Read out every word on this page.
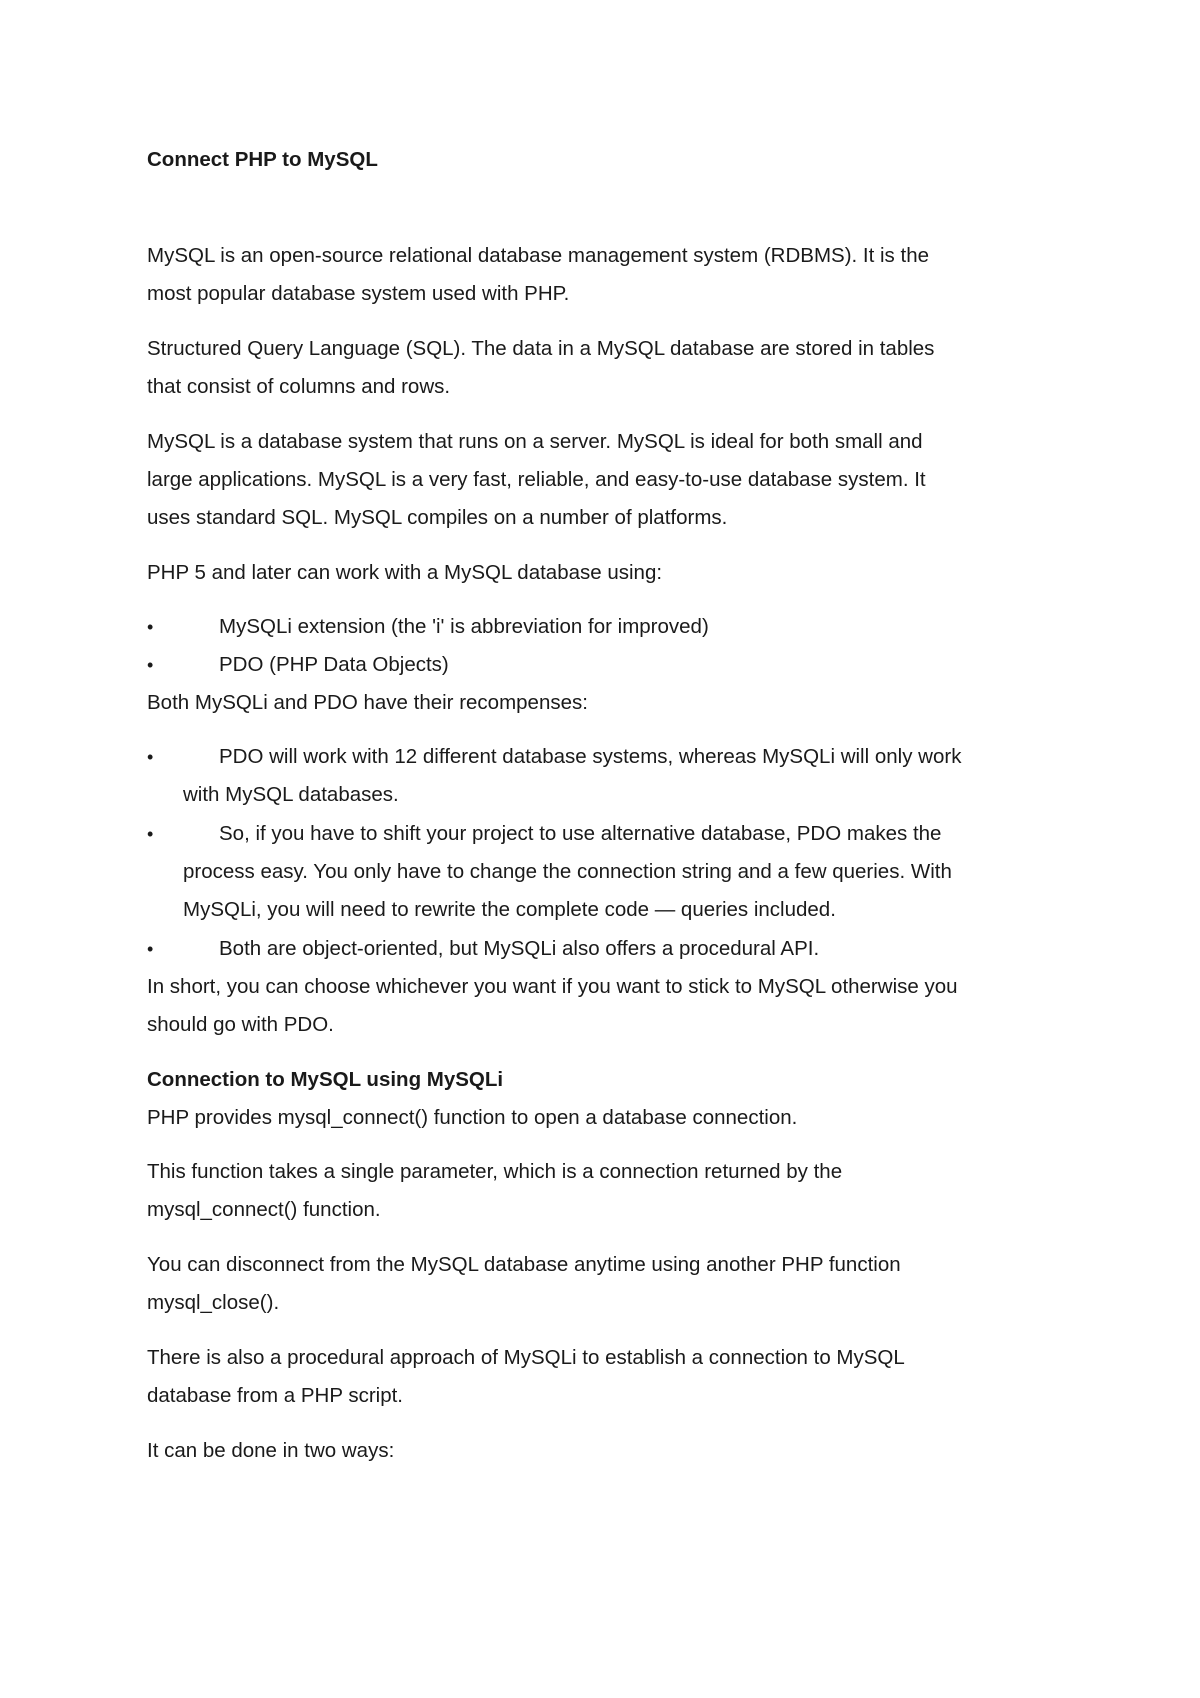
Connect PHP to MySQL
MySQL is an open-source relational database management system (RDBMS). It is the
most popular database system used with PHP.
Structured Query Language (SQL). The data in a MySQL database are stored in tables
that consist of columns and rows.
MySQL is a database system that runs on a server. MySQL is ideal for both small and
large applications. MySQL is a very fast, reliable, and easy-to-use database system. It
uses standard SQL. MySQL compiles on a number of platforms.
PHP 5 and later can work with a MySQL database using:
•	MySQLi extension (the 'i' is abbreviation for improved)
•	PDO (PHP Data Objects)
Both MySQLi and PDO have their recompenses:
•	PDO will work with 12 different database systems, whereas MySQLi will only work
with MySQL databases.
•	So, if you have to shift your project to use alternative database, PDO makes the
process easy. You only have to change the connection string and a few queries. With
MySQLi, you will need to rewrite the complete code — queries included.
•	Both are object-oriented, but MySQLi also offers a procedural API.
In short, you can choose whichever you want if you want to stick to MySQL otherwise you
should go with PDO.
Connection to MySQL using MySQLi
PHP provides mysql_connect() function to open a database connection.
This function takes a single parameter, which is a connection returned by the
mysql_connect() function.
You can disconnect from the MySQL database anytime using another PHP function
mysql_close().
There is also a procedural approach of MySQLi to establish a connection to MySQL
database from a PHP script.
It can be done in two ways:
